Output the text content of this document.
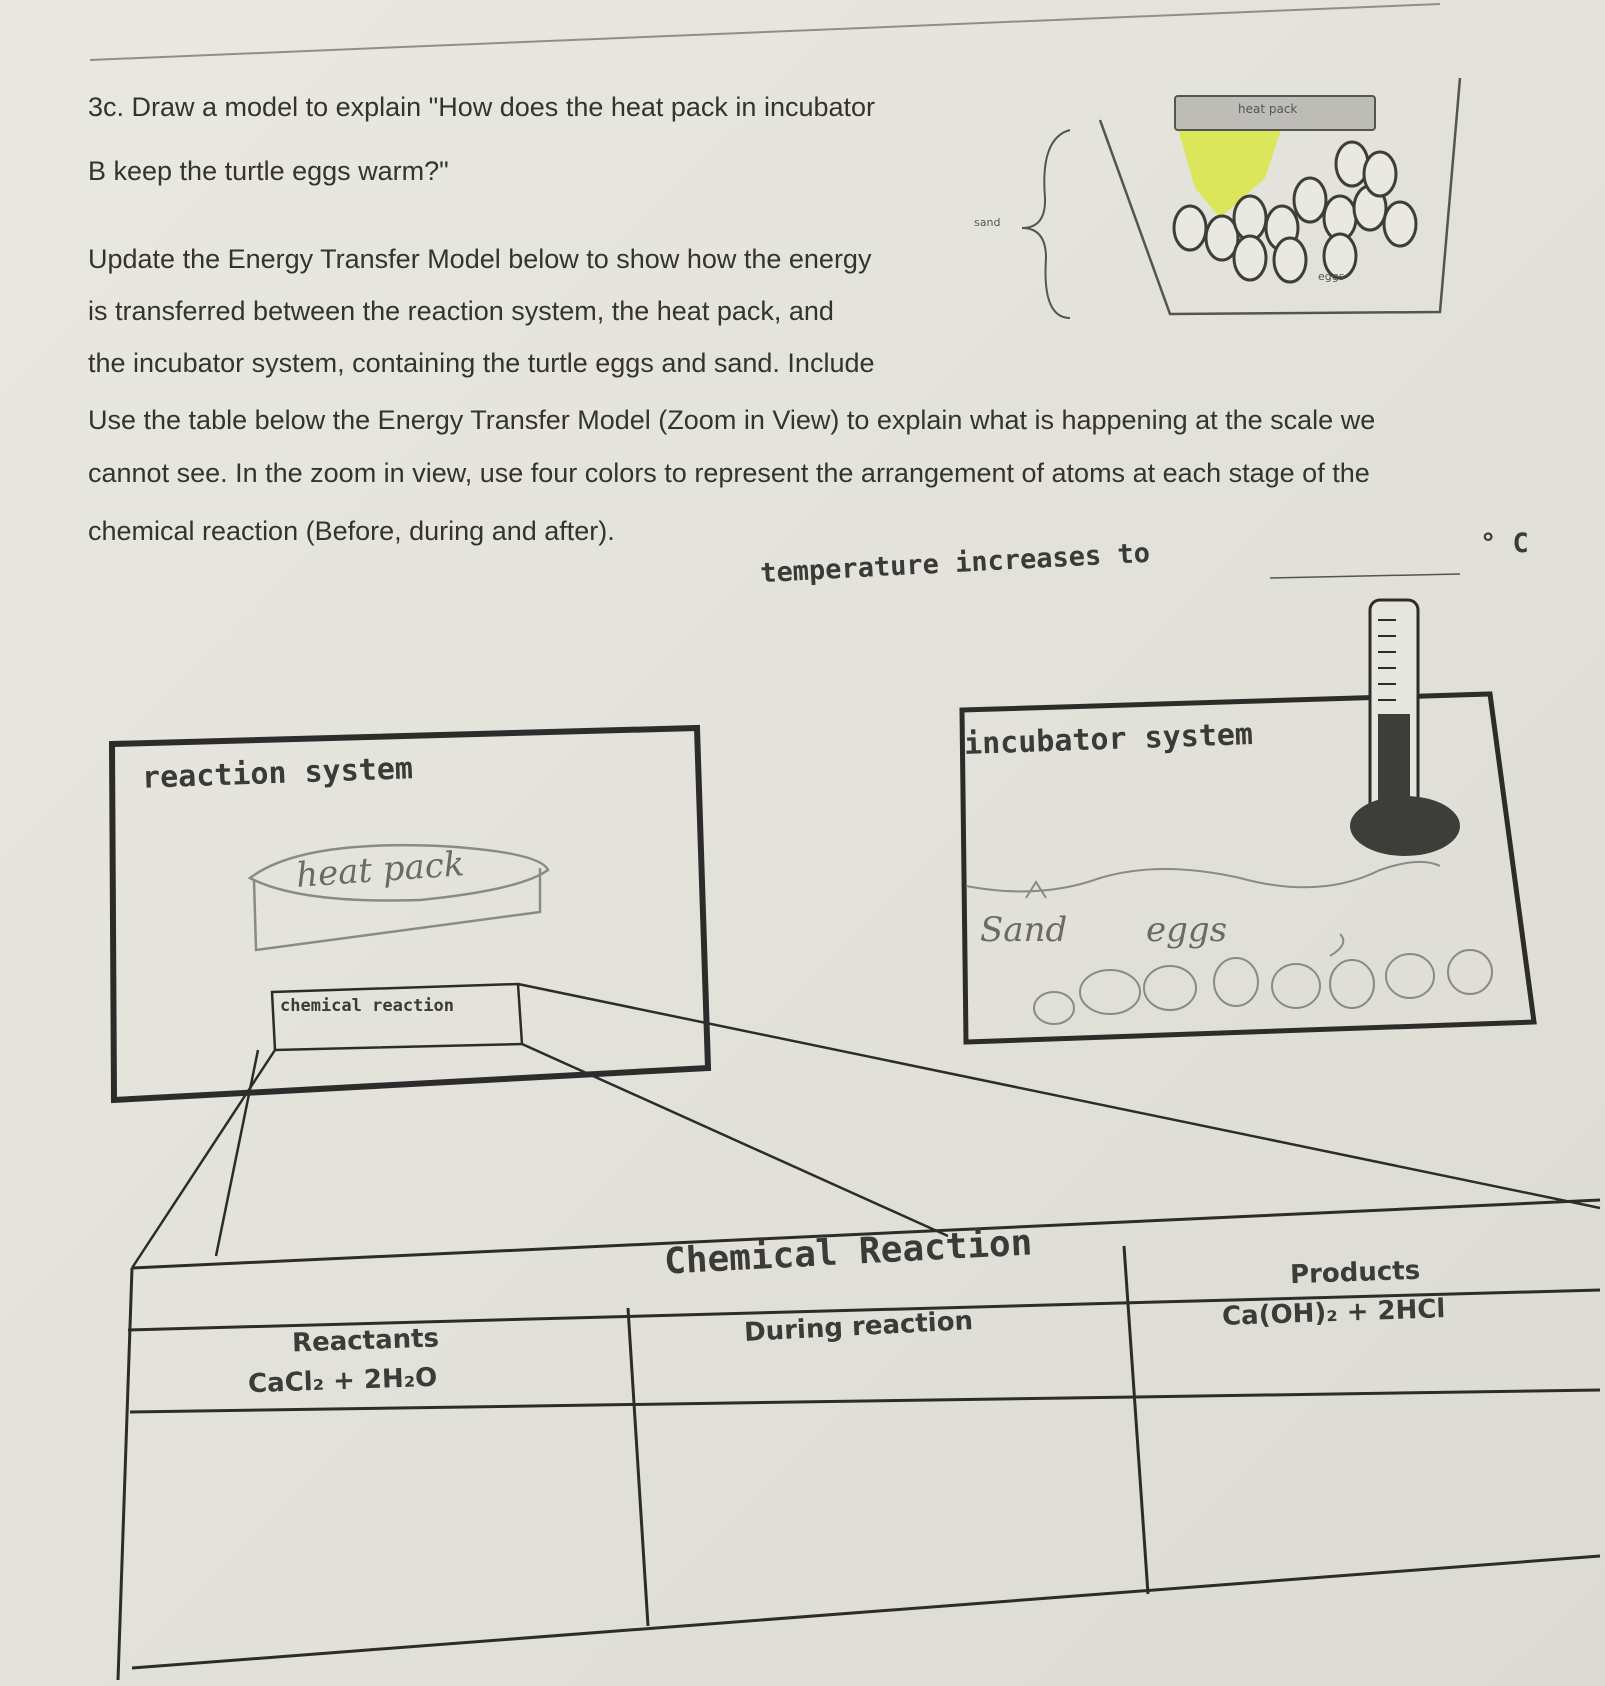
3c. Draw a model to explain "How does the heat pack in incubator
B keep the turtle eggs warm?"
Update the Energy Transfer Model below to show how the energy
is transferred between the reaction system, the heat pack, and
the incubator system, containing the turtle eggs and sand. Include
Use the table below the Energy Transfer Model (Zoom in View) to explain what is happening at the scale we
cannot see. In the zoom in view, use four colors to represent the arrangement of atoms at each stage of the
chemical reaction (Before, during and after).
heat pack
sand
eggs
temperature increases to	° C
reaction system
incubator system
chemical reaction
heat pack
Sand eggs
Chemical Reaction
Reactants
CaCl₂ + 2H₂O
During reaction
Products
Ca(OH)₂ + 2HCl
